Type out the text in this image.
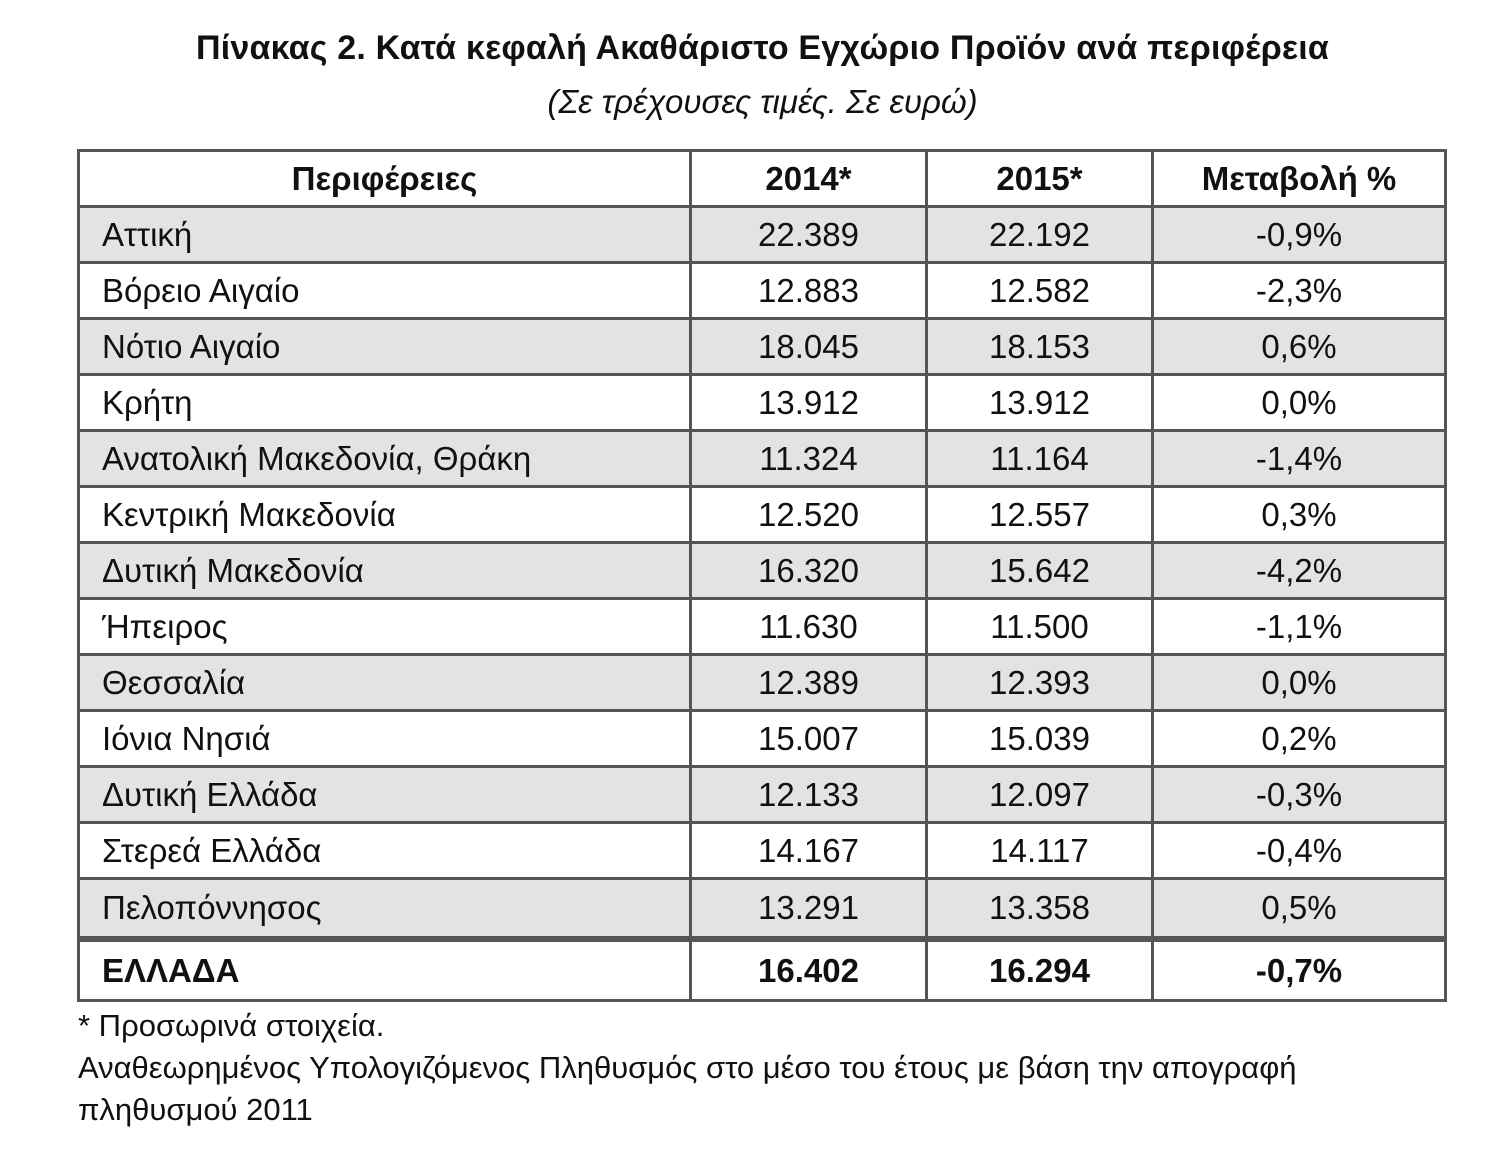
Πίνακας 2. Κατά κεφαλή Ακαθάριστο Εγχώριο Προϊόν ανά περιφέρεια
(Σε τρέχουσες τιμές. Σε ευρώ)
Περιφέρειες	2014*	2015*	Μεταβολή %
Αττική	22.389	22.192	-0,9%
Βόρειο Αιγαίο	12.883	12.582	-2,3%
Νότιο Αιγαίο	18.045	18.153	0,6%
Κρήτη	13.912	13.912	0,0%
Ανατολική Μακεδονία, Θράκη	11.324	11.164	-1,4%
Κεντρική Μακεδονία	12.520	12.557	0,3%
Δυτική Μακεδονία	16.320	15.642	-4,2%
Ήπειρος	11.630	11.500	-1,1%
Θεσσαλία	12.389	12.393	0,0%
Ιόνια Νησιά	15.007	15.039	0,2%
Δυτική Ελλάδα	12.133	12.097	-0,3%
Στερεά Ελλάδα	14.167	14.117	-0,4%
Πελοπόννησος	13.291	13.358	0,5%
ΕΛΛΑΔΑ	16.402	16.294	-0,7%
* Προσωρινά στοιχεία.
Αναθεωρημένος Υπολογιζόμενος Πληθυσμός στο μέσο του έτους με βάση την απογραφή
πληθυσμού 2011
